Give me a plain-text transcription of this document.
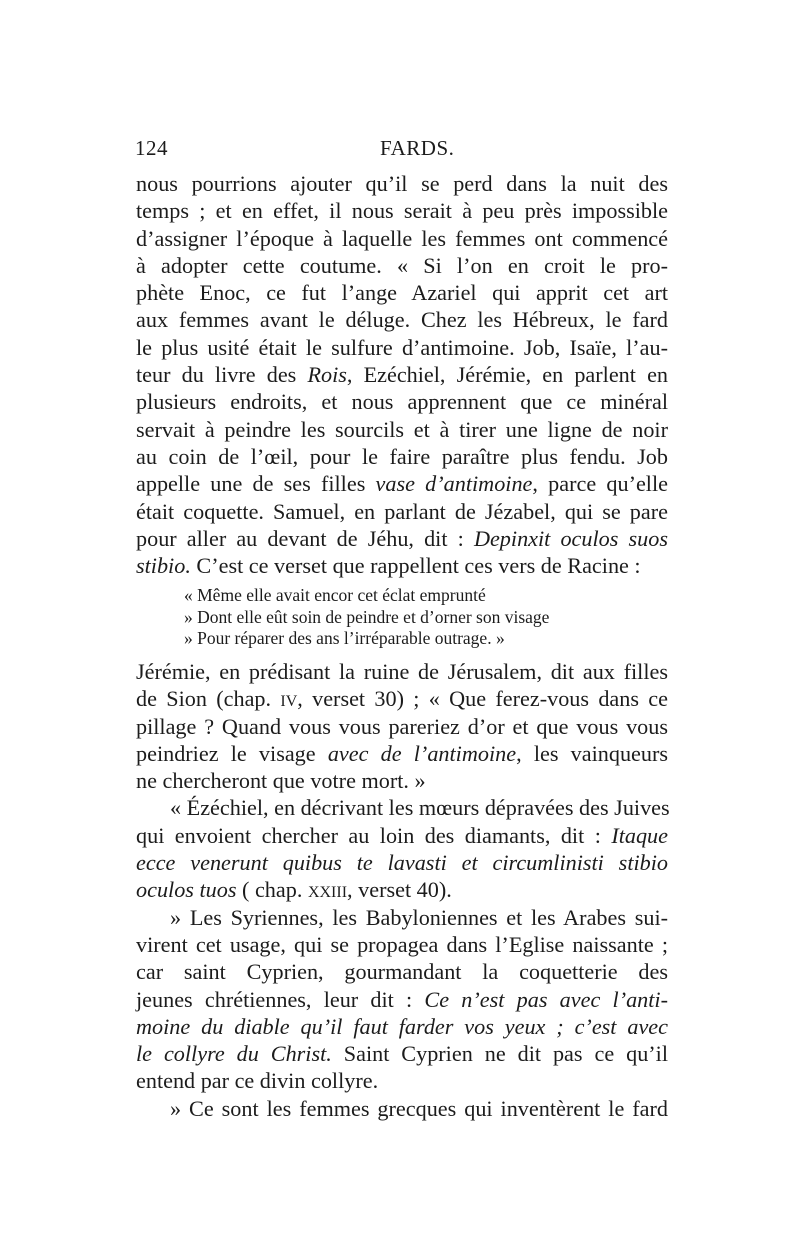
124	FARDS.
nous pourrions ajouter qu’il se perd dans la nuit des
temps ; et en effet, il nous serait à peu près impossible
d’assigner l’époque à laquelle les femmes ont commencé
à adopter cette coutume. « Si l’on en croit le pro-
phète Enoc, ce fut l’ange Azariel qui apprit cet art
aux femmes avant le déluge. Chez les Hébreux, le fard
le plus usité était le sulfure d’antimoine. Job, Isaïe, l’au-
teur du livre des Rois, Ezéchiel, Jérémie, en parlent en
plusieurs endroits, et nous apprennent que ce minéral
servait à peindre les sourcils et à tirer une ligne de noir
au coin de l’œil, pour le faire paraître plus fendu. Job
appelle une de ses filles vase d’antimoine, parce qu’elle
était coquette. Samuel, en parlant de Jézabel, qui se pare
pour aller au devant de Jéhu, dit : Depinxit oculos suos
stibio. C’est ce verset que rappellent ces vers de Racine :
« Même elle avait encor cet éclat emprunté
» Dont elle eût soin de peindre et d’orner son visage
» Pour réparer des ans l’irréparable outrage. »
Jérémie, en prédisant la ruine de Jérusalem, dit aux filles
de Sion (chap. iv, verset 30) ; « Que ferez-vous dans ce
pillage ? Quand vous vous pareriez d’or et que vous vous
peindriez le visage avec de l’antimoine, les vainqueurs
ne chercheront que votre mort. »
« Ézéchiel, en décrivant les mœurs dépravées des Juives
qui envoient chercher au loin des diamants, dit : Itaque
ecce venerunt quibus te lavasti et circumlinisti stibio
oculos tuos ( chap. xxiii, verset 40).
» Les Syriennes, les Babyloniennes et les Arabes sui-
virent cet usage, qui se propagea dans l’Eglise naissante ;
car saint Cyprien, gourmandant la coquetterie des
jeunes chrétiennes, leur dit : Ce n’est pas avec l’anti-
moine du diable qu’il faut farder vos yeux ; c’est avec
le collyre du Christ. Saint Cyprien ne dit pas ce qu’il
entend par ce divin collyre.
» Ce sont les femmes grecques qui inventèrent le fard
